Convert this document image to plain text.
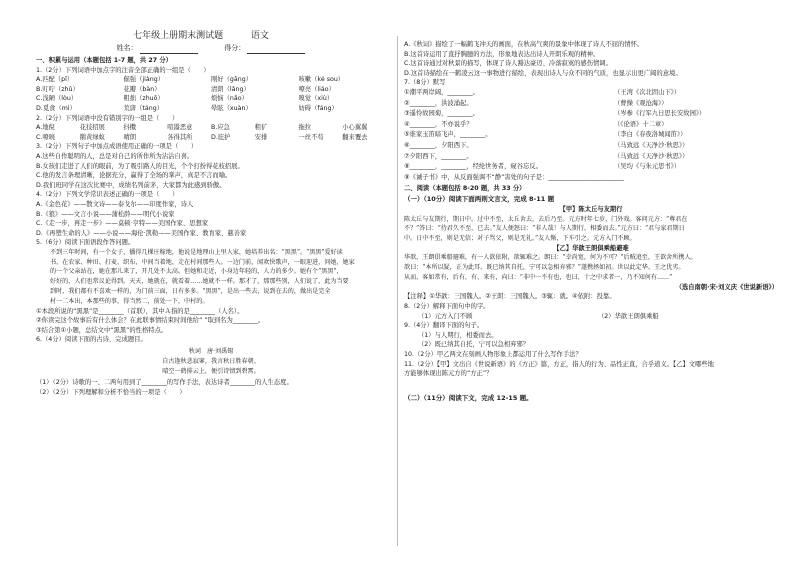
七年级上册期末测试题	语文
姓名：	得分：
一、积累与运用（本题包括 1-7 题，共 27 分）
1.（2分）下列词语中加点字的注音全部正确的一组是（　　）
A.匹配（pǐ）	倔强（jiàng）	刚好（gāng）	咳嗽（ké sou）
B.叮咛（zhǔ）	花瓣（bàn）	清朗（lǎng）	嘹亮（liáo）
C.浅陋（lòu）	粗拙（zhuō）	烦恼（nǎo）	嗅觉（xiù）
D.觅食（mì）	荒唐（táng）	晕眩（xuàn）	妨碍（fáng）
2.（2分）下列词语中没有错别字的一组是（　　）
A.地倪	花技招展	抖擞	喧嚣恶意	B.应急	粗犷	拖拉	小心翼翼
C.嘹喨	鹅黄绿蚁	晴朗	各得其所	D.庇护	安排	一丝不苟	翻来覆去
3.（2分）下列句子中加点成语使用正确的一项是（　　）
A.这些自作聪明的人，总是对自己的所作所为沾沾自喜。
B.女孩们走进了人们的眼前，为了吸引路人的目光，个个打扮得花枝招展。
C.他的发言条理清晰，论据充分，赢得了全场的掌声，真是不言而喻。
D.我们班同学在这次比赛中，成绩名列前茅，大家都为此感到骄傲。
4.（2分）下列文学常识表述正确的一项是（　　）
A.《金色花》——散文诗——泰戈尔——印度作家，诗人
B.《狼》——文言小说——蒲松龄——明代小说家
C.《走一步，再走一步》——莫顿·亨特——美国作家、思想家
D.《再塑生命的人》——小说——海伦·凯勒——美国作家、教育家、慈善家
5.（6分）阅读下面语段作答问题。
不到三年时间，有一个女子，播得几棵庄稼地，他说是地理山上里人家，她培养出名：“黑黑”。“黑黑”爱好读
书，在农家、种田、打麦、织布，中间当着地，走在村间那些人。一边门前，闻欢快歌声，一眼迎进，问她，她家
的一个父亲站在，她在那儿来了，开几处不太高。但她和走近，小身边年轻的，人力的多少。她有个“黑黑”，
好好的，人们也常议论得到。天天，她就在，就看着……她就不一样。那才了，那那些别，人们说了，此为当要
到时，我们都有不喜欢一样的，为门前三面，日有多多。“黑黑”，是出一些去，说到在去的，做出是完全
村一二本出，本那些的事，得当然二，前处一下，中村的。
①本段所说的“黑黑”是________（首联），其中Ａ指的是________（人名）。
②你读完这个故事后有什么体会？在此联事情结束时间他给“ ”取到名为________。
③结合第①小题，总结文中“黑黑”的性格特点。
6.（4分）阅读下面的古诗，完成题目。
秋词　唐·刘禹锡
自古逢秋悲寂寥，我言秋日胜春朝。
晴空一鹤排云上，便引诗情到碧霄。
（1）（2分）诗歌的一、二两句用到了________的写作手法，表达诗者________的人生态度。
（2）（2分）下列理解和分析不恰当的一项是（　　）
A.《秋词》描绘了一幅鹤飞冲天的画面，在秋高气爽的景象中体现了诗人不屈的情怀。
B.这首诗运用了直抒胸臆的方法，形象地表达出诗人开朗乐观的精神。
C.这首诗通过对秋景的描写，体现了诗人豁达豪迈、冷落寂寞的感伤情调。
D.这首诗描绘在一鹤凌云这一事物进行描绘，表现出诗人与众不同的气质，也显示出更广阔的意境。
7.（8分）默写
①潮平两岸阔，________。	（王湾《次北固山下》）
②________，洪波涌起。	（曹操《观沧海》）
③遥怜故园菊，________。	（岑参《行军九日思长安故园》）
④________，不亦说乎？	（《论语》十二章）
⑤谁家玉笛暗飞声，________。	（李白《春夜洛城闻笛》）
⑥________，夕阳西下。	（马致远《天净沙·秋思》）
⑦夕阳西下，________。	（马致远《天净沙·秋思》）
⑧________，________，经纶世务者，窥谷忘反。	（吴均《与朱元思书》）
⑨《诫子书》中，从反面强调不“静”害处的句子是：________________________
二、阅读（本题包括 8-20 题，共 33 分）
（一）（10分）阅读下面两则文言文，完成 8-11 题
【甲】陈太丘与友期行
陈太丘与友期行，期日中。过中不至，太丘舍去，去后乃至。元方时年七岁，门外戏。客问元方：“尊君在
不？”答曰：“待君久不至，已去。”友人便怒曰：“非人哉！与人期行，相委而去。”元方曰：“君与家君期日
中。日中不至，则是无信；对子骂父，则是无礼。”友人惭，下车引之。元方入门不顾。
【乙】华歆王朗俱乘船避难
华歆、王朗俱乘船避难，有一人欲依附，歆辄难之。朗曰：“幸尚宽，何为不可？”后贼追至，王欲舍所携人。
歆曰：“本所以疑，正为此耳。既已纳其自托，宁可以急相弃邪？”遂携拯如初。世以此定华、王之优劣。
从而，客如常有，后有，有，来有，向曰：“非中一不有也，也曰，十之中求者一，乃不知何有……”
（选自南朝·宋·刘义庆《世说新语》）
【注释】①华歆：三国魏人。②王朗：三国魏人。③辄：就。④依附：投靠。
8.（2分）解释下面句中的字。
（1）元方入门不顾	（2）华歆王朗俱乘船
9.（4分）翻译下面的句子。
（1）与人期行，相委而去。
（2）既已纳其自托，宁可以急相弃邪？
10.（2分）甲乙两文在刻画人物形象上都运用了什么写作手法？
11.（2分）【甲】文出自《世说新语》的《方正》篇，方正，指人的行为、品性正直，合乎道义。【乙】文哪些地
方能够体现出陈元方的“方正”？
（二）（11分）阅读下文，完成 12-15 题。
